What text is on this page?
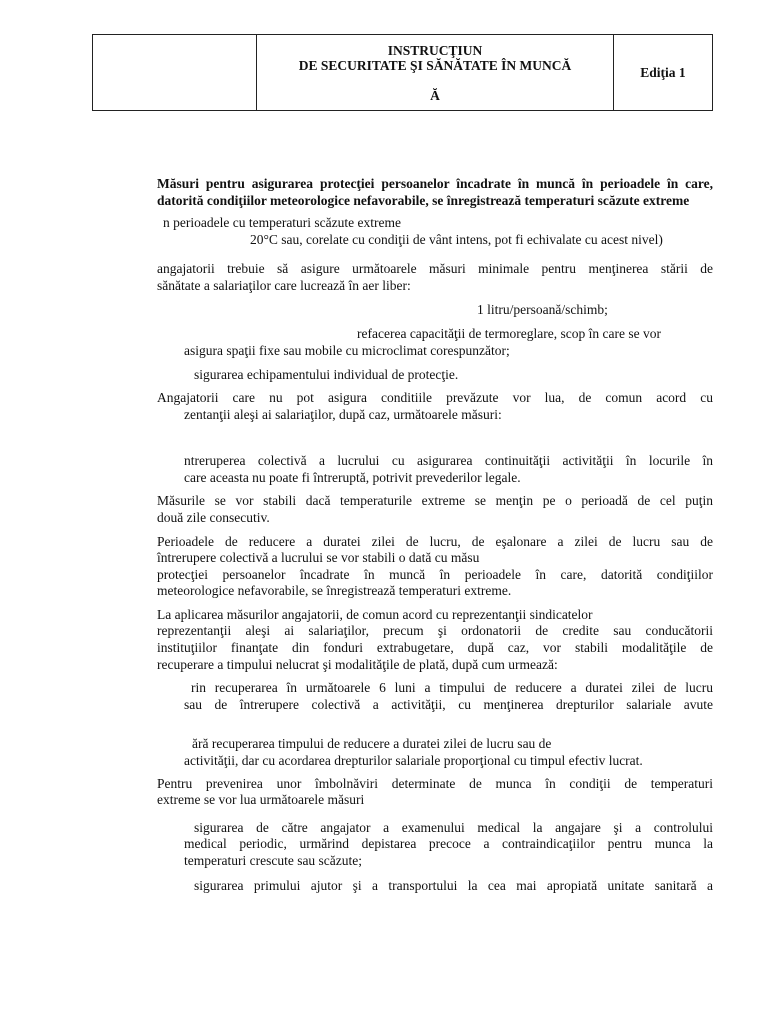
INSTRUCŢIUN
DE SECURITATE ŞI SĂNĂTATE ÎN MUNCĂ
Ă
	Ediţia 1

Măsuri pentru asigurarea protecţiei persoanelor încadrate în muncă în perioadele în care, datorită condiţiilor meteorologice nefavorabile, se înregistrează temperaturi scăzute extreme

n perioadele cu temperaturi scăzute extreme
20°C sau, corelate cu condiţii de vânt intens, pot fi echivalate cu acest nivel)
angajatorii trebuie să asigure următoarele măsuri minimale pentru menţinerea stării de
sănătate a salariaţilor care lucrează în aer liber:
1 litru/persoană/schimb;
refacerea capacităţii de termoreglare, scop în care se vor
asigura spaţii fixe sau mobile cu microclimat corespunzător;
sigurarea echipamentului individual de protecţie.
Angajatorii care nu pot asigura conditiile prevăzute vor lua, de comun acord cu
zentanţii aleşi ai salariaţilor, după caz, următoarele măsuri:
ntreruperea colectivă a lucrului cu asigurarea continuităţii activităţii în locurile în
care aceasta nu poate fi întreruptă, potrivit prevederilor legale.
Măsurile se vor stabili dacă temperaturile extreme se menţin pe o perioadă de cel puţin
două zile consecutiv.
Perioadele de reducere a duratei zilei de lucru, de eşalonare a zilei de lucru sau de
întrerupere colectivă a lucrului se vor stabili o dată cu măsu
protecţiei persoanelor încadrate în muncă în perioadele în care, datorită condiţiilor
meteorologice nefavorabile, se înregistrează temperaturi extreme.
La aplicarea măsurilor angajatorii, de comun acord cu reprezentanţii sindicatelor
reprezentanţii aleşi ai salariaţilor, precum şi ordonatorii de credite sau conducătorii
instituţiilor finanţate din fonduri extrabugetare, după caz, vor stabili modalităţile de
recuperare a timpului nelucrat şi modalităţile de plată, după cum urmează:
rin recuperarea în următoarele 6 luni a timpului de reducere a duratei zilei de lucru
sau de întrerupere colectivă a activităţii, cu menţinerea drepturilor salariale avute
ără recuperarea timpului de reducere a duratei zilei de lucru sau de
activităţii, dar cu acordarea drepturilor salariale proporţional cu timpul efectiv lucrat.
Pentru prevenirea unor îmbolnăviri determinate de munca în condiţii de temperaturi
extreme se vor lua următoarele măsuri
sigurarea de către angajator a examenului medical la angajare şi a controlului
medical periodic, urmărind depistarea precoce a contraindicaţiilor pentru munca la
temperaturi crescute sau scăzute;
sigurarea primului ajutor şi a transportului la cea mai apropiată unitate sanitară a
